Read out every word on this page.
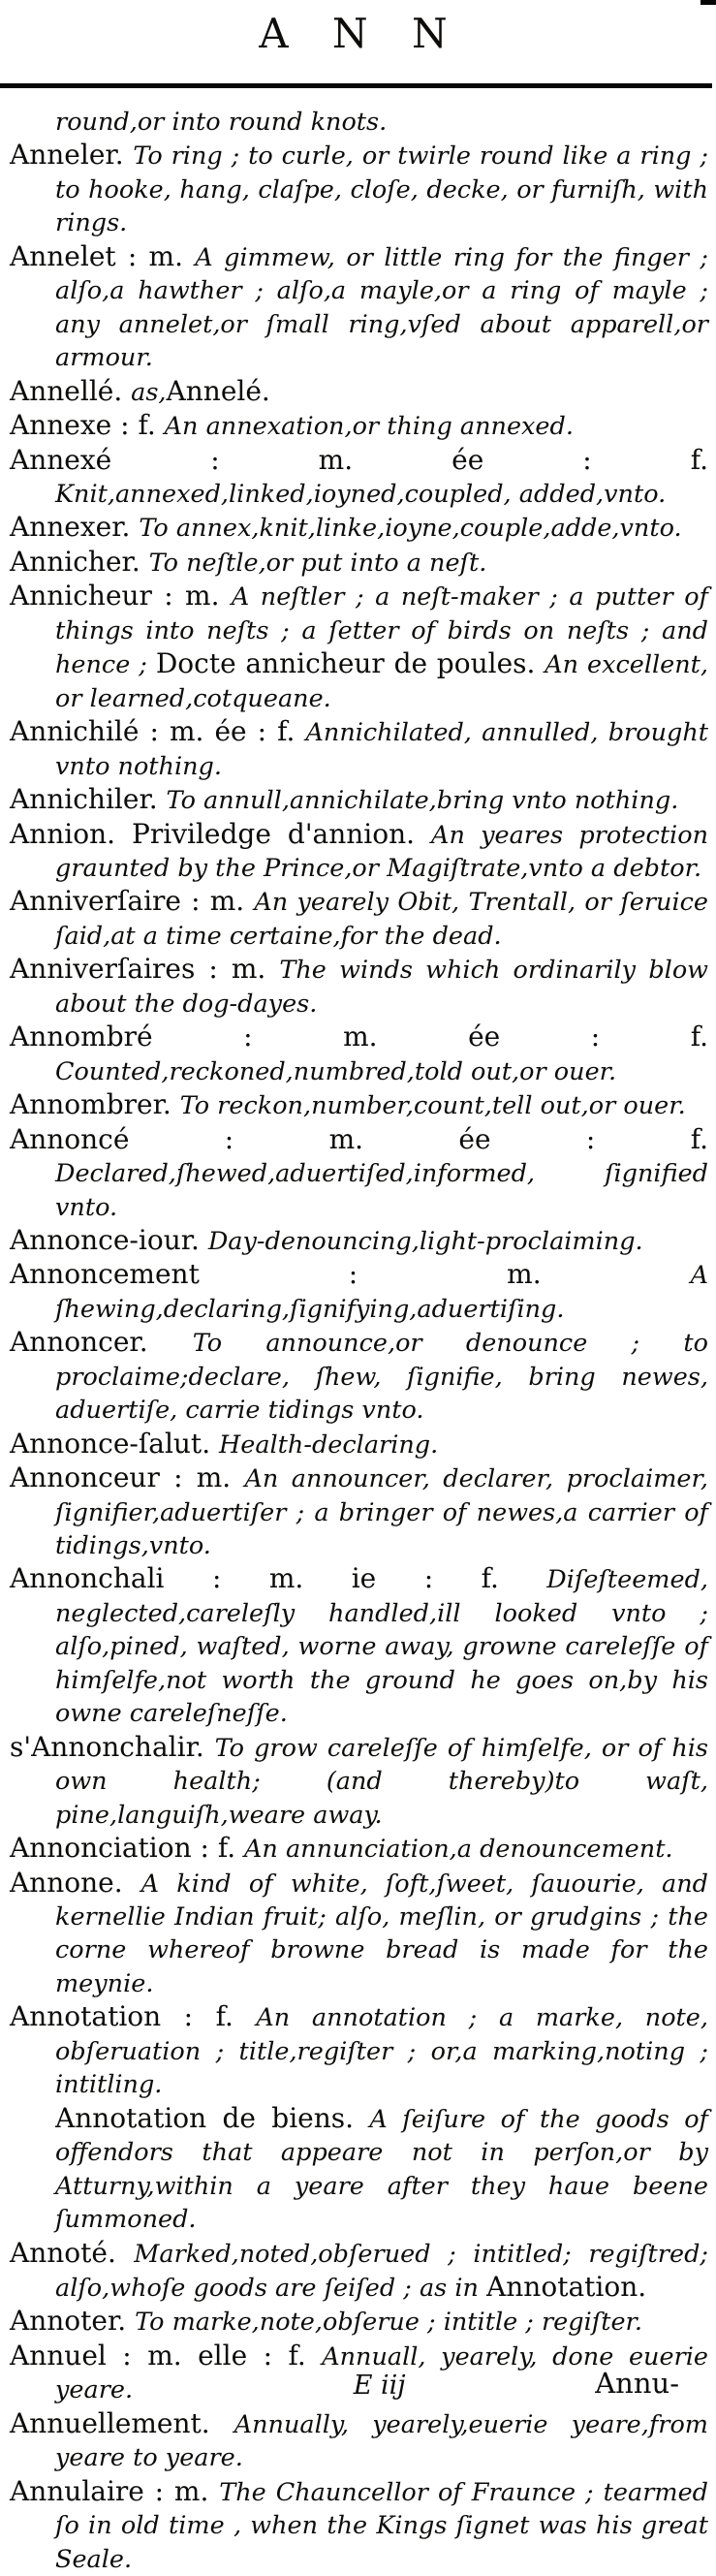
A N N

round,or into round knots.

Anneler. To ring ; to curle, or twirle round like a ring ; to hooke, hang, claſpe, cloſe, decke, or furniſh, with rings.

Annelet : m. A gimmew, or little ring for the finger ; alſo,a hawther ; alſo,a mayle,or a ring of mayle ; any annelet,or ſmall ring,vſed about apparell,or armour.

Annellé. as,Annelé.

Annexe : f. An annexation,or thing annexed.

Annexé : m. ée : f. Knit,annexed,linked,ioyned,coupled, added,vnto.

Annexer. To annex,knit,linke,ioyne,couple,adde,vnto.

Annicher. To neſtle,or put into a neſt.

Annicheur : m. A neſtler ; a neſt-maker ; a putter of things into neſts ; a ſetter of birds on neſts ; and hence ; Docte annicheur de poules. An excellent, or learned,cotqueane.

Annichilé : m. ée : f. Annichilated, annulled, brought vnto nothing.

Annichiler. To annull,annichilate,bring vnto nothing.

Annion. Priviledge d'annion. An yeares protection graunted by the Prince,or Magiſtrate,vnto a debtor.

Anniverſaire : m. An yearely Obit, Trentall, or ſeruice ſaid,at a time certaine,for the dead.

Anniverſaires : m. The winds which ordinarily blow about the dog-dayes.

Annombré : m. ée : f. Counted,reckoned,numbred,told out,or ouer.

Annombrer. To reckon,number,count,tell out,or ouer.

Annoncé : m. ée : f. Declared,ſhewed,aduertiſed,informed, ſignified vnto.

Annonce-iour. Day-denouncing,light-proclaiming.

Annoncement : m. A ſhewing,declaring,ſignifying,aduertiſing.

Annoncer. To announce,or denounce ; to proclaime;declare, ſhew, ſignifie, bring newes, aduertiſe, carrie tidings vnto.

Annonce-ſalut. Health-declaring.

Annonceur : m. An announcer, declarer, proclaimer, ſignifier,aduertiſer ; a bringer of newes,a carrier of tidings,vnto.

Annonchali : m. ie : f. Diſeſteemed, neglected,careleſly handled,ill looked vnto ; alſo,pined, waſted, worne away, growne careleſſe of himſelfe,not worth the ground he goes on,by his owne careleſneſſe.

s'Annonchalir. To grow careleſſe of himſelfe, or of his own health; (and thereby)to waſt, pine,languiſh,weare away.

Annonciation : f. An annunciation,a denouncement.

Annone. A kind of white, ſoft,ſweet, ſauourie, and kernellie Indian fruit; alſo, meſlin, or grudgins ; the corne whereof browne bread is made for the meynie.

Annotation : f. An annotation ; a marke, note, obſeruation ; title,regiſter ; or,a marking,noting ; intitling.

Annotation de biens. A ſeiſure of the goods of offendors that appeare not in perſon,or by Atturny,within a yeare after they haue beene ſummoned.

Annoté. Marked,noted,obſerued ; intitled; regiſtred; alſo,whoſe goods are ſeiſed ; as in Annotation.

Annoter. To marke,note,obſerue ; intitle ; regiſter.

Annuel : m. elle : f. Annuall, yearely, done euerie yeare.

Annuellement. Annually, yearely,euerie yeare,from yeare to yeare.

Annulaire : m. The Chauncellor of Fraunce ; tearmed ſo in old time , when the Kings ſignet was his great Seale.

E iij	Annu-
